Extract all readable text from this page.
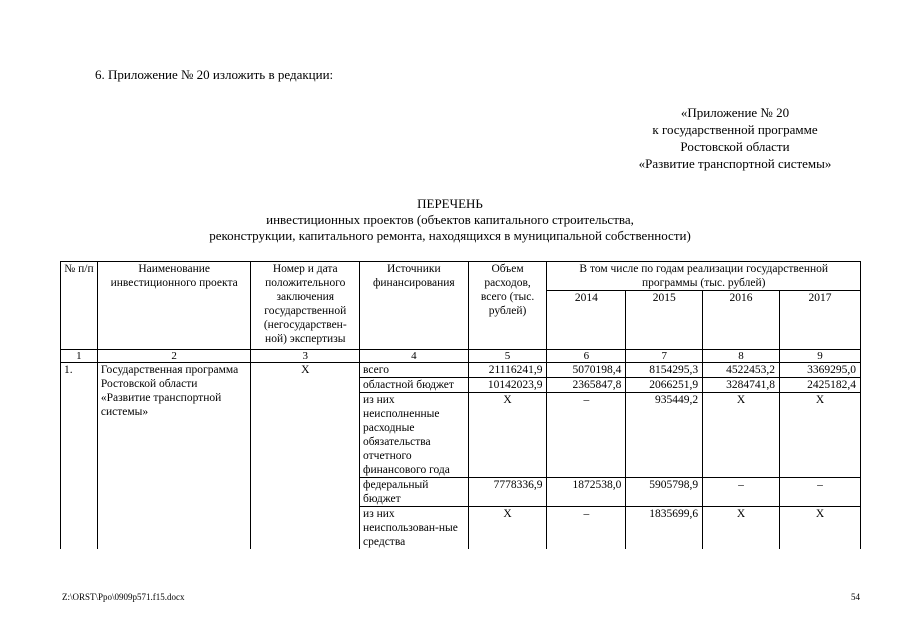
6. Приложение № 20 изложить в редакции:
«Приложение № 20
к государственной программе
Ростовской области
«Развитие транспортной системы»
ПЕРЕЧЕНЬ
инвестиционных проектов (объектов капитального строительства,
реконструкции, капитального ремонта, находящихся в муниципальной собственности)
№ п/п	Наименование инвестиционного проекта	Номер и дата положительного заключения государственной (негосударствен-ной) экспертизы	Источники финансирования	Объем расходов, всего (тыс. рублей)	В том числе по годам реализации государственной программы (тыс. рублей)			
					2014	2015	2016	2017
1	2	3	4	5	6	7	8	9
1.	Государственная программа Ростовской области «Развитие транспортной системы»	Х	всего	21116241,9	5070198,4	8154295,3	4522453,2	3369295,0
			областной бюджет	10142023,9	2365847,8	2066251,9	3284741,8	2425182,4
			из них неисполненные расходные обязательства отчетного финансового года	Х	–	935449,2	Х	Х
			федеральный бюджет	7778336,9	1872538,0	5905798,9	–	–
			из них неиспользован-ные средства	Х	–	1835699,6	Х	Х
Z:\ORST\Ppo\0909p571.f15.docx	54
